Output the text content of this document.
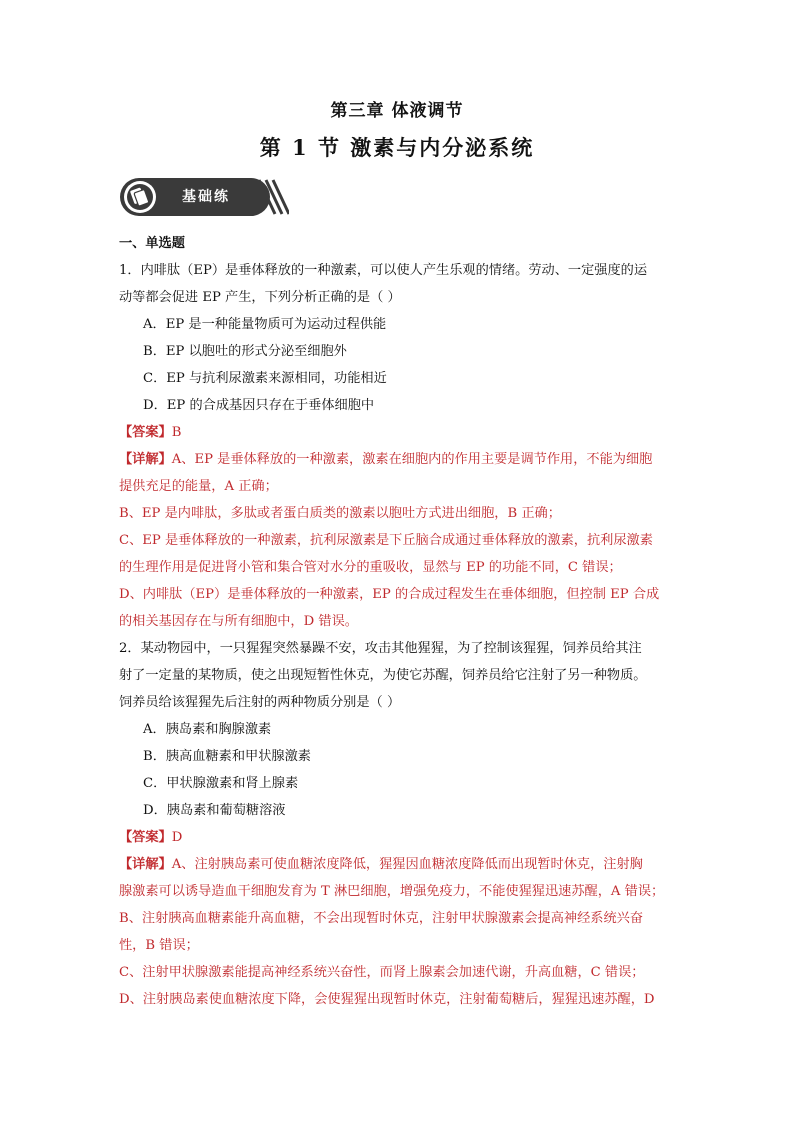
第三章 体液调节
第 1 节 激素与内分泌系统
基础练
一、单选题
1．内啡肽（EP）是垂体释放的一种激素，可以使人产生乐观的情绪。劳动、一定强度的运
动等都会促进 EP 产生，下列分析正确的是（ ）
A．EP 是一种能量物质可为运动过程供能
B．EP 以胞吐的形式分泌至细胞外
C．EP 与抗利尿激素来源相同，功能相近
D．EP 的合成基因只存在于垂体细胞中
【答案】B
【详解】A、EP 是垂体释放的一种激素，激素在细胞内的作用主要是调节作用，不能为细胞
提供充足的能量，A 正确；
B、EP 是内啡肽，多肽或者蛋白质类的激素以胞吐方式进出细胞，B 正确；
C、EP 是垂体释放的一种激素，抗利尿激素是下丘脑合成通过垂体释放的激素，抗利尿激素
的生理作用是促进肾小管和集合管对水分的重吸收，显然与 EP 的功能不同，C 错误；
D、内啡肽（EP）是垂体释放的一种激素，EP 的合成过程发生在垂体细胞，但控制 EP 合成
的相关基因存在与所有细胞中，D 错误。
2．某动物园中，一只猩猩突然暴躁不安，攻击其他猩猩，为了控制该猩猩，饲养员给其注
射了一定量的某物质，使之出现短暂性休克，为使它苏醒，饲养员给它注射了另一种物质。
饲养员给该猩猩先后注射的两种物质分别是（ ）
A．胰岛素和胸腺激素
B．胰高血糖素和甲状腺激素
C．甲状腺激素和肾上腺素
D．胰岛素和葡萄糖溶液
【答案】D
【详解】A、注射胰岛素可使血糖浓度降低，猩猩因血糖浓度降低而出现暂时休克，注射胸
腺激素可以诱导造血干细胞发育为 T 淋巴细胞，增强免疫力，不能使猩猩迅速苏醒，A 错误；
B、注射胰高血糖素能升高血糖，不会出现暂时休克，注射甲状腺激素会提高神经系统兴奋
性，B 错误；
C、注射甲状腺激素能提高神经系统兴奋性，而肾上腺素会加速代谢，升高血糖，C 错误；
D、注射胰岛素使血糖浓度下降，会使猩猩出现暂时休克，注射葡萄糖后，猩猩迅速苏醒，D
